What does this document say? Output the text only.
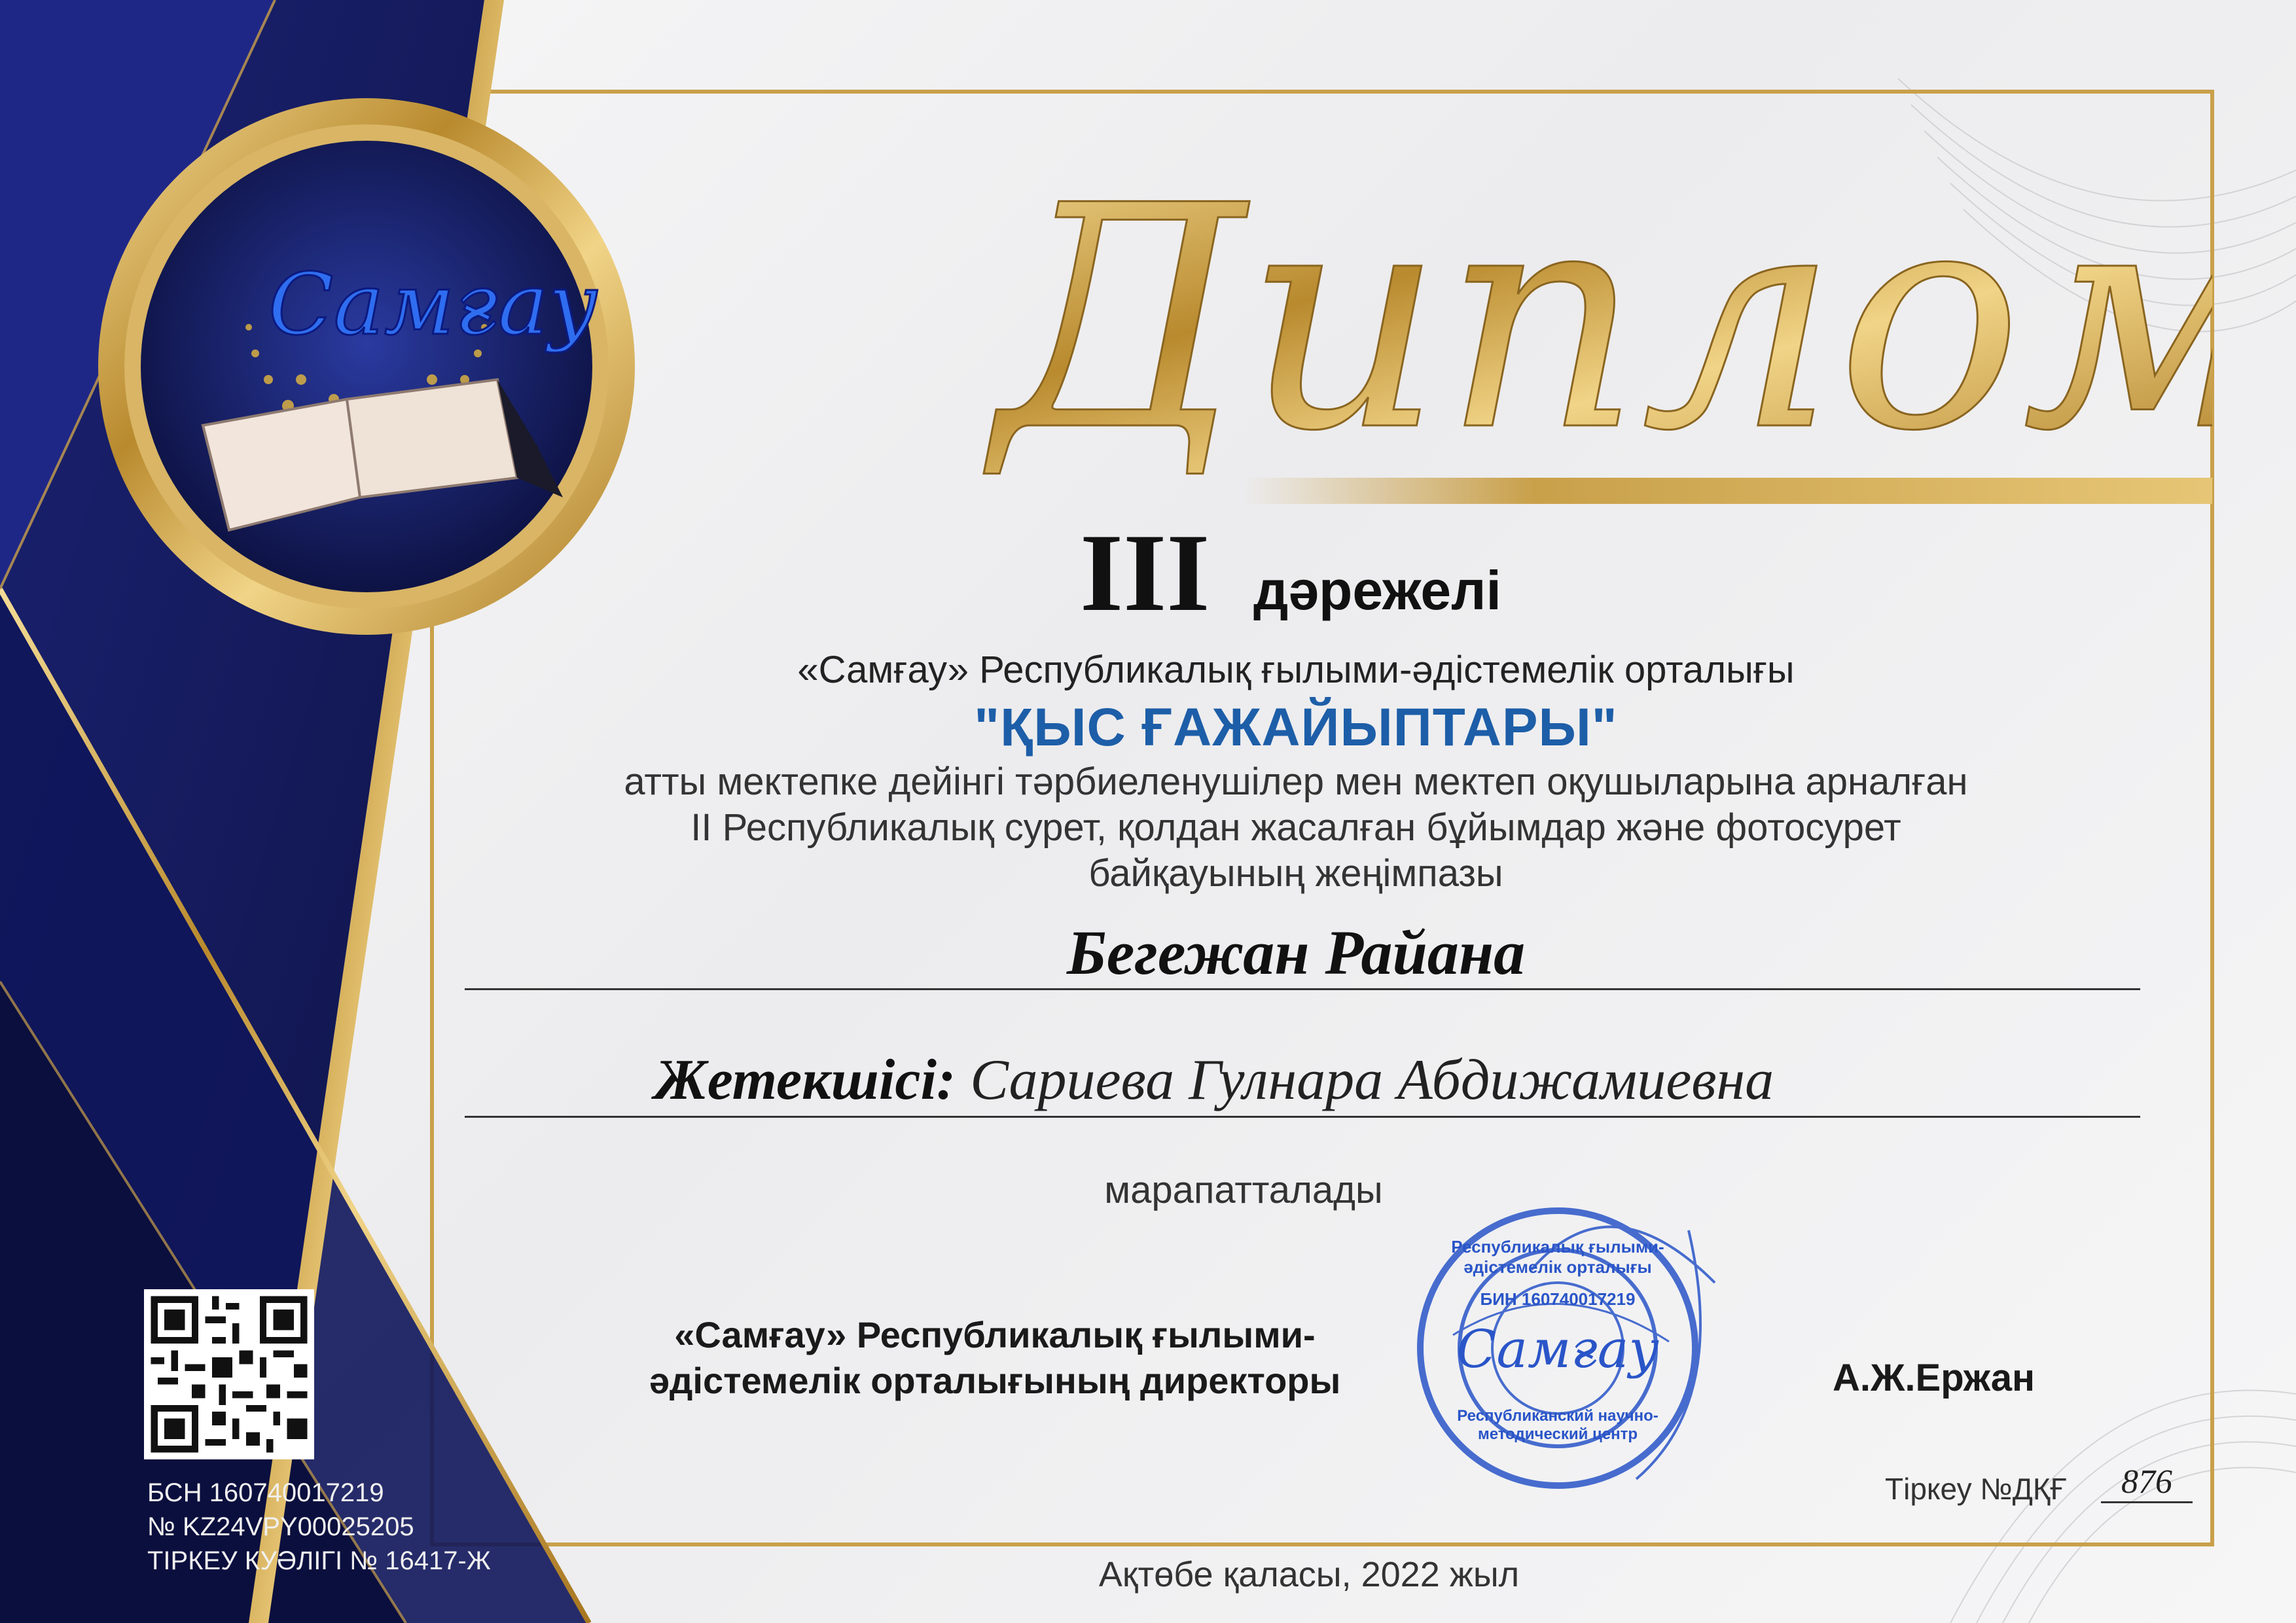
Самғау Диплом
III дәрежелі
«Самғау» Республикалық ғылыми-әдістемелік орталығы
"ҚЫС ҒАЖАЙЫПТАРЫ"
атты мектепке дейінгі тәрбиеленушілер мен мектеп оқушыларына арналған
II Республикалық сурет, қолдан жасалған бұйымдар және фотосурет
байқауының жеңімпазы
Бегежан Райана
Жетекшісі: Сариева Гулнара Абдижамиевна
марапатталады
«Самғау» Республикалық ғылыми-
әдістемелік орталығының директоры
Республикалық ғылыми-әдістемелік орталығы
БИН 160740017219
Самғау
Республиканский научно-методический центр
А.Ж.Ержан
Тіркеу №ДҚҒ	876
Ақтөбе қаласы, 2022 жыл
БСН 160740017219
№ KZ24VPY00025205
ТІРКЕУ КУӘЛІГІ № 16417-Ж
